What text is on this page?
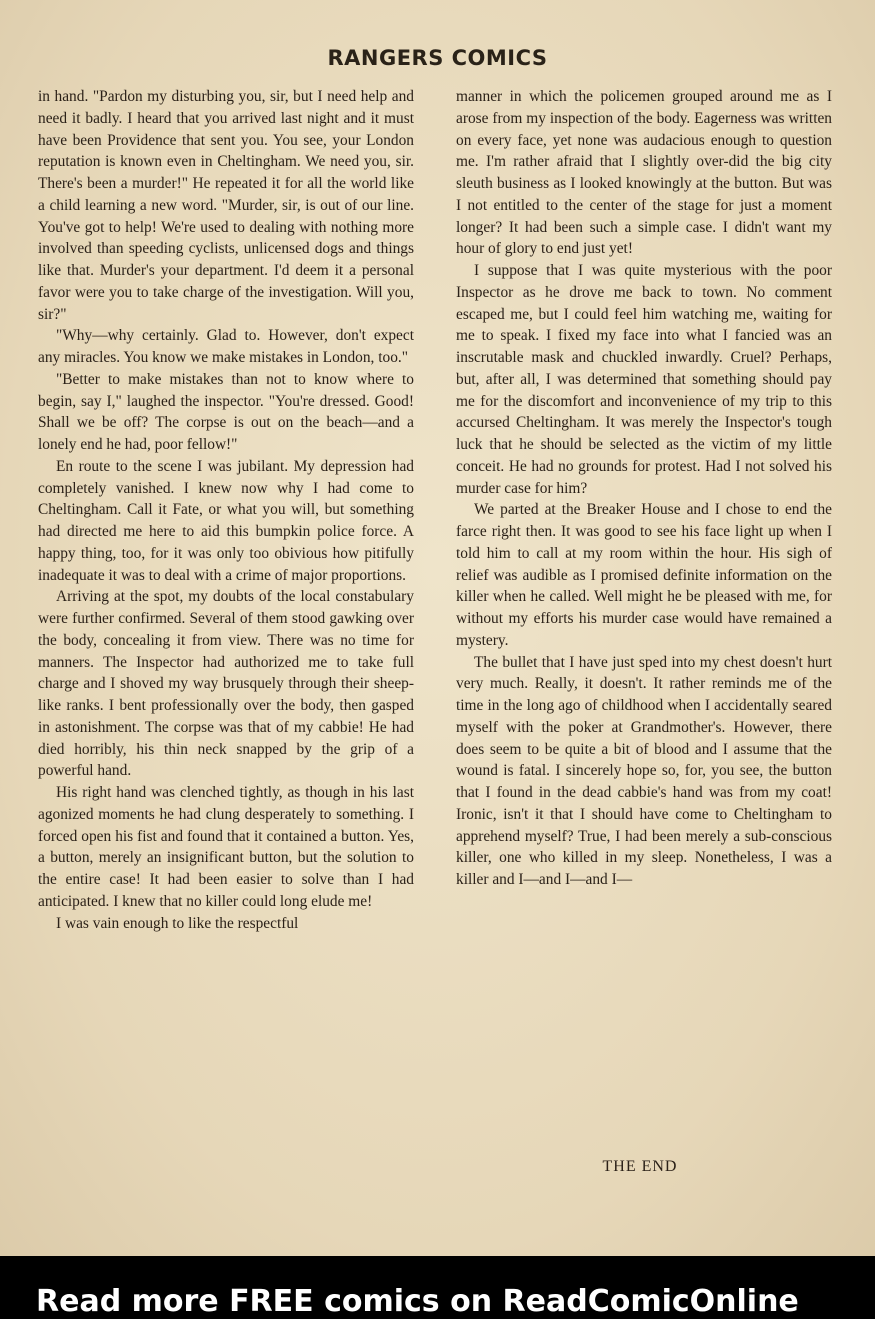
RANGERS COMICS

in hand. "Pardon my disturbing you, sir, but I need help and need it badly. I heard that you arrived last night and it must have been Providence that sent you. You see, your London reputation is known even in Cheltingham. We need you, sir. There's been a murder!" He repeated it for all the world like a child learning a new word. "Murder, sir, is out of our line. You've got to help! We're used to dealing with nothing more involved than speeding cyclists, unlicensed dogs and things like that. Murder's your department. I'd deem it a personal favor were you to take charge of the investigation. Will you, sir?"

"Why—why certainly. Glad to. However, don't expect any miracles. You know we make mistakes in London, too."

"Better to make mistakes than not to know where to begin, say I," laughed the inspector. "You're dressed. Good! Shall we be off? The corpse is out on the beach—and a lonely end he had, poor fellow!"

En route to the scene I was jubilant. My depression had completely vanished. I knew now why I had come to Cheltingham. Call it Fate, or what you will, but something had directed me here to aid this bumpkin police force. A happy thing, too, for it was only too obivious how pitifully inadequate it was to deal with a crime of major proportions.

Arriving at the spot, my doubts of the local constabulary were further confirmed. Several of them stood gawking over the body, concealing it from view. There was no time for manners. The Inspector had authorized me to take full charge and I shoved my way brusquely through their sheep-like ranks. I bent professionally over the body, then gasped in astonishment. The corpse was that of my cabbie! He had died horribly, his thin neck snapped by the grip of a powerful hand.

His right hand was clenched tightly, as though in his last agonized moments he had clung desperately to something. I forced open his fist and found that it contained a button. Yes, a button, merely an insignificant button, but the solution to the entire case! It had been easier to solve than I had anticipated. I knew that no killer could long elude me!

I was vain enough to like the respectful

manner in which the policemen grouped around me as I arose from my inspection of the body. Eagerness was written on every face, yet none was audacious enough to question me. I'm rather afraid that I slightly over-did the big city sleuth business as I looked knowingly at the button. But was I not entitled to the center of the stage for just a moment longer? It had been such a simple case. I didn't want my hour of glory to end just yet!

I suppose that I was quite mysterious with the poor Inspector as he drove me back to town. No comment escaped me, but I could feel him watching me, waiting for me to speak. I fixed my face into what I fancied was an inscrutable mask and chuckled inwardly. Cruel? Perhaps, but, after all, I was determined that something should pay me for the discomfort and inconvenience of my trip to this accursed Cheltingham. It was merely the Inspector's tough luck that he should be selected as the victim of my little conceit. He had no grounds for protest. Had I not solved his murder case for him?

We parted at the Breaker House and I chose to end the farce right then. It was good to see his face light up when I told him to call at my room within the hour. His sigh of relief was audible as I promised definite information on the killer when he called. Well might he be pleased with me, for without my efforts his murder case would have remained a mystery.

The bullet that I have just sped into my chest doesn't hurt very much. Really, it doesn't. It rather reminds me of the time in the long ago of childhood when I accidentally seared myself with the poker at Grandmother's. However, there does seem to be quite a bit of blood and I assume that the wound is fatal. I sincerely hope so, for, you see, the button that I found in the dead cabbie's hand was from my coat! Ironic, isn't it that I should have come to Cheltingham to apprehend myself? True, I had been merely a sub-conscious killer, one who killed in my sleep. Nonetheless, I was a killer and I—and I—and I—

THE END
Read more FREE comics on ReadComicOnline
